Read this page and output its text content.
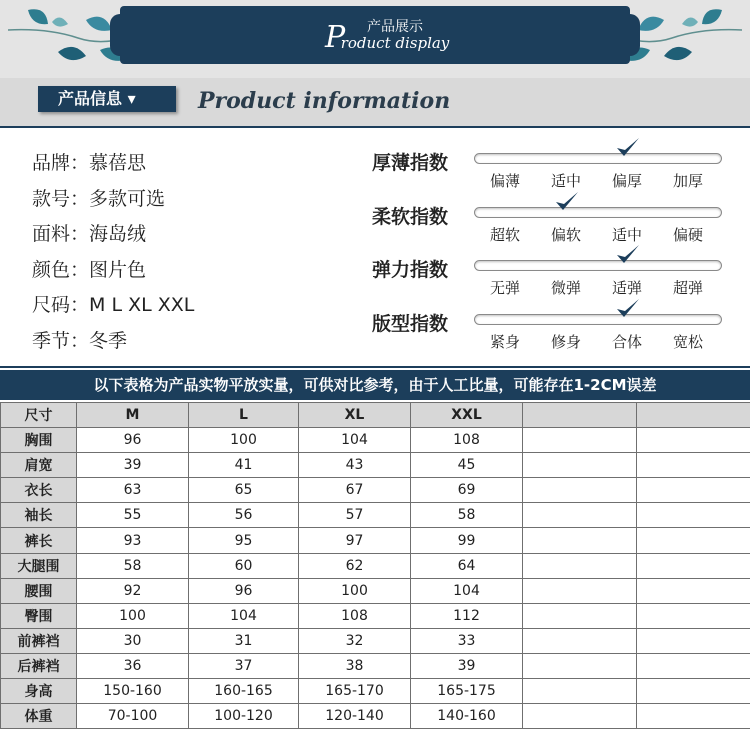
P	产品展示
roduct display
产品信息 ▾	Product information
品牌：慕蓓思
款号：多款可选
面料：海岛绒
颜色：图片色
尺码：M L XL XXL
季节：冬季
厚薄指数
偏薄	适中	偏厚	加厚
柔软指数
超软	偏软	适中	偏硬
弹力指数
无弹	微弹	适弹	超弹
版型指数
紧身	修身	合体	宽松
以下表格为产品实物平放实量，可供对比参考，由于人工比量，可能存在1-2CM误差
尺寸	M	L	XL	XXL		
胸围	96	100	104	108		
肩宽	39	41	43	45		
衣长	63	65	67	69		
袖长	55	56	57	58		
裤长	93	95	97	99		
大腿围	58	60	62	64		
腰围	92	96	100	104		
臀围	100	104	108	112		
前裤裆	30	31	32	33		
后裤裆	36	37	38	39		
身高	150-160	160-165	165-170	165-175		
体重	70-100	100-120	120-140	140-160		
